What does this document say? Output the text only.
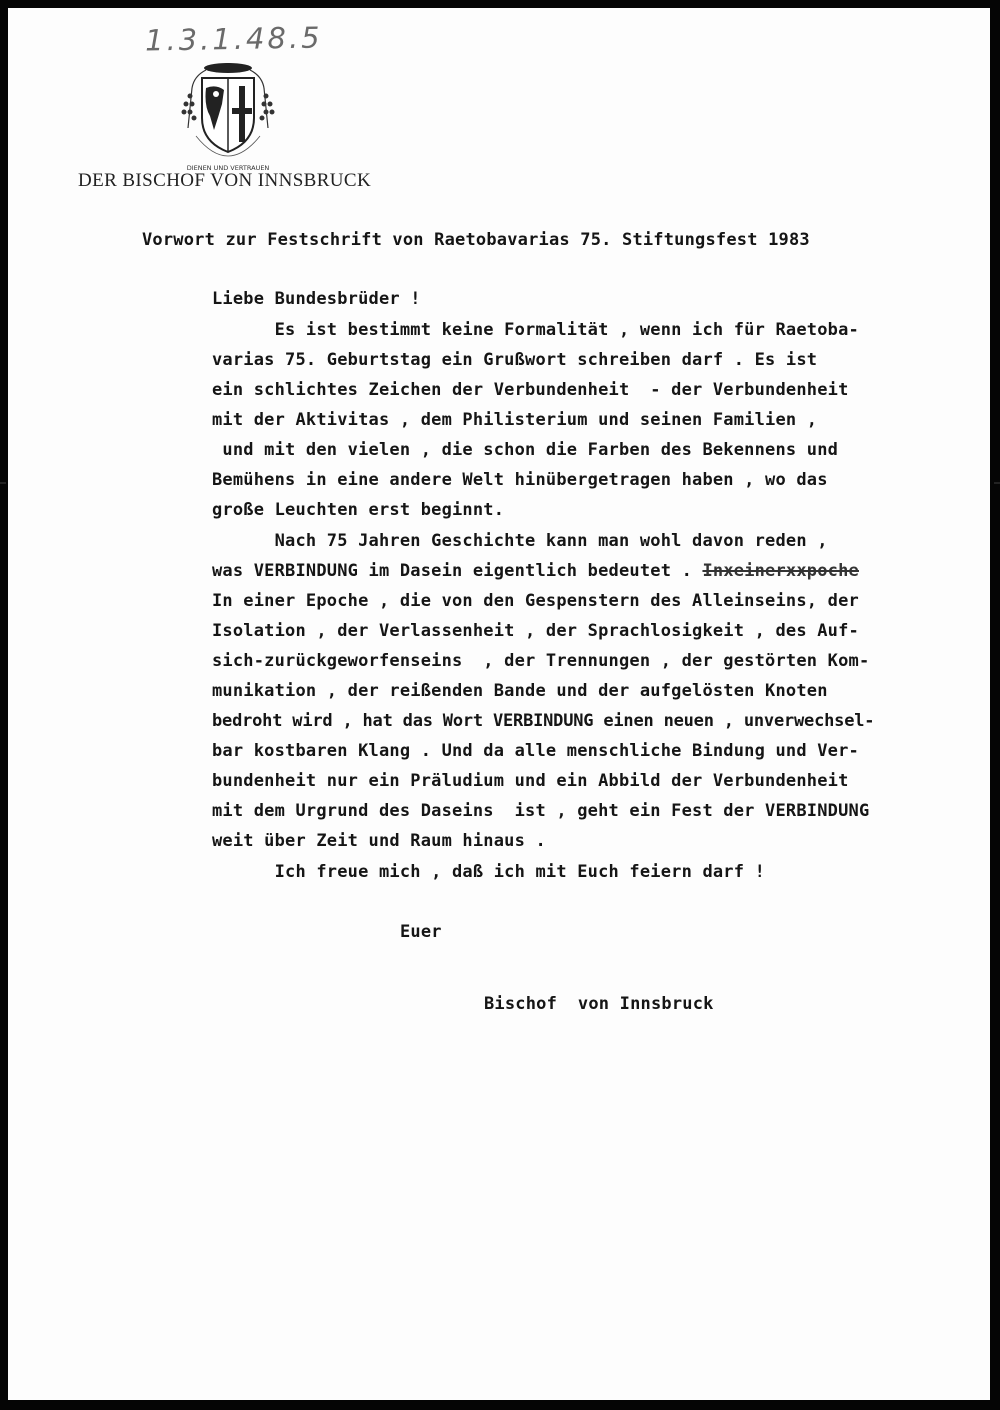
1.3.1.48.5
DIENEN UND VERTRAUEN
DER BISCHOF VON INNSBRUCK
Vorwort zur Festschrift von Raetobavarias 75. Stiftungsfest 1983
Liebe Bundesbrüder !
Es ist bestimmt keine Formalität , wenn ich für Raetoba-
varias 75. Geburtstag ein Grußwort schreiben darf . Es ist
ein schlichtes Zeichen der Verbundenheit  - der Verbundenheit
mit der Aktivitas , dem Philisterium und seinen Familien ,
und mit den vielen , die schon die Farben des Bekennens und
Bemühens in eine andere Welt hinübergetragen haben , wo das
große Leuchten erst beginnt.
Nach 75 Jahren Geschichte kann man wohl davon reden ,
was VERBINDUNG im Dasein eigentlich bedeutet . Inxeinerxxpoche
In einer Epoche , die von den Gespenstern des Alleinseins, der
Isolation , der Verlassenheit , der Sprachlosigkeit , des Auf-
sich-zurückgeworfenseins  , der Trennungen , der gestörten Kom-
munikation , der reißenden Bande und der aufgelösten Knoten
bedroht wird , hat das Wort VERBINDUNG einen neuen , unverwechsel-
bar kostbaren Klang . Und da alle menschliche Bindung und Ver-
bundenheit nur ein Präludium und ein Abbild der Verbundenheit
mit dem Urgrund des Daseins  ist , geht ein Fest der VERBINDUNG
weit über Zeit und Raum hinaus .
Ich freue mich , daß ich mit Euch feiern darf !
Euer
Bischof  von Innsbruck
